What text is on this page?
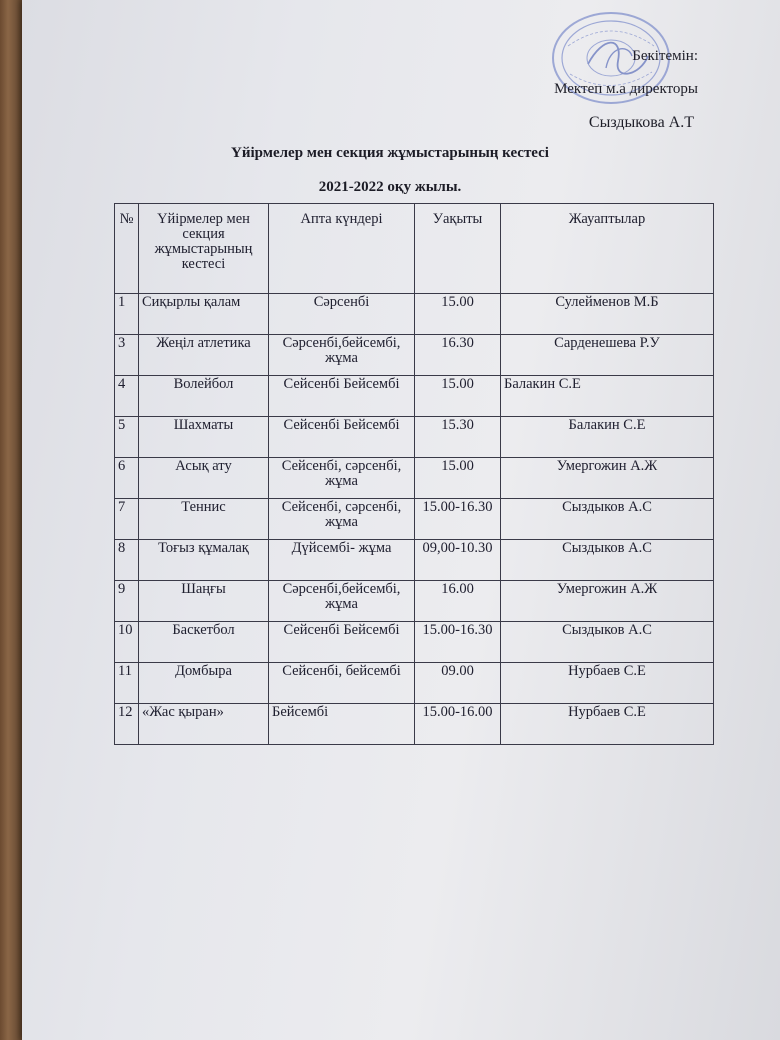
Бекітемін:
Мектеп м.а директоры
Сыздыкова А.Т
Үйірмелер мен секция жұмыстарының кестесі
2021-2022 оқу жылы.
№	Үйірмелер мен секция жұмыстарының кестесі	Апта күндері	Уақыты	Жауаптылар
1	Сиқырлы қалам	Сәрсенбі	15.00	Сулейменов М.Б
3	Жеңіл атлетика	Сәрсенбі,бейсембі, жұма	16.30	Сарденешева Р.У
4	Волейбол	Сейсенбі Бейсембі	15.00	Балакин С.Е
5	Шахматы	Сейсенбі Бейсембі	15.30	Балакин С.Е
6	Асық ату	Сейсенбі, сәрсенбі, жұма	15.00	Умергожин А.Ж
7	Теннис	Сейсенбі, сәрсенбі, жұма	15.00-16.30	Сыздыков А.С
8	Тоғыз құмалақ	Дүйсембі- жұма	09,00-10.30	Сыздыков А.С
9	Шаңғы	Сәрсенбі,бейсембі, жұма	16.00	Умергожин А.Ж
10	Баскетбол	Сейсенбі Бейсембі	15.00-16.30	Сыздыков А.С
11	Домбыра	Сейсенбі, бейсембі	09.00	Нурбаев С.Е
12	«Жас қыран»	Бейсембі	15.00-16.00	Нурбаев С.Е
